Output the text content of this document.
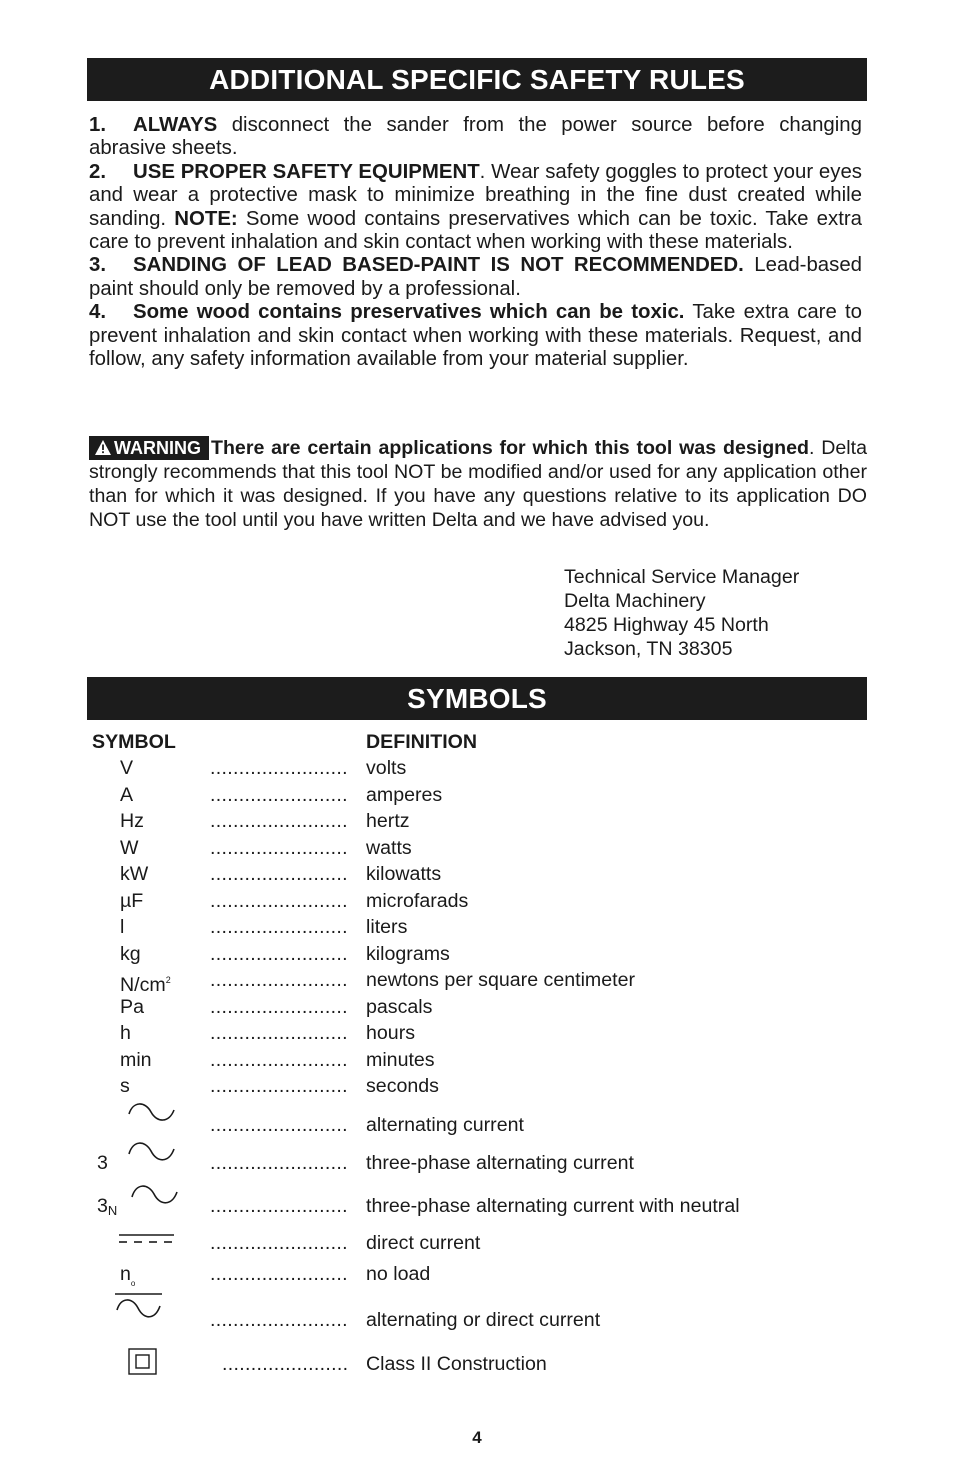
ADDITIONAL SPECIFIC SAFETY RULES

1. ALWAYS disconnect the sander from the power source before changing abrasive sheets.

2. USE PROPER SAFETY EQUIPMENT. Wear safety goggles to protect your eyes and wear a protective mask to minimize breathing in the fine dust created while sanding. NOTE: Some wood contains preservatives which can be toxic. Take extra care to prevent inhalation and skin contact when working with these materials.

3. SANDING OF LEAD BASED-PAINT IS NOT RECOMMENDED. Lead-based paint should only be removed by a professional.

4. Some wood contains preservatives which can be toxic. Take extra care to prevent inhalation and skin contact when working with these materials. Request, and follow, any safety information available from your material supplier.

WARNING There are certain applications for which this tool was designed. Delta strongly recommends that this tool NOT be modified and/or used for any application other than for which it was designed. If you have any questions relative to its application DO NOT use the tool until you have written Delta and we have advised you.

Technical Service Manager
Delta Machinery
4825 Highway 45 North
Jackson, TN 38305
SYMBOLS
SYMBOL	DEFINITION
V	........................ volts
A	........................ amperes
Hz	........................ hertz
W	........................ watts
kW	........................ kilowatts
µF	........................ microfarads
l	........................ liters
kg	........................ kilograms
$N/cm^2$ ........................ newtons per square centimeter
Pa	........................ pascals
h	........................ hours
min	........................ minutes
s	........................ seconds
........................ alternating current
3	........................ three-phase alternating current
$3_N$	........................ three-phase alternating current with neutral
........................ direct current
$n_o$	........................ no load
........................ alternating or direct current
...................... Class II Construction
4
